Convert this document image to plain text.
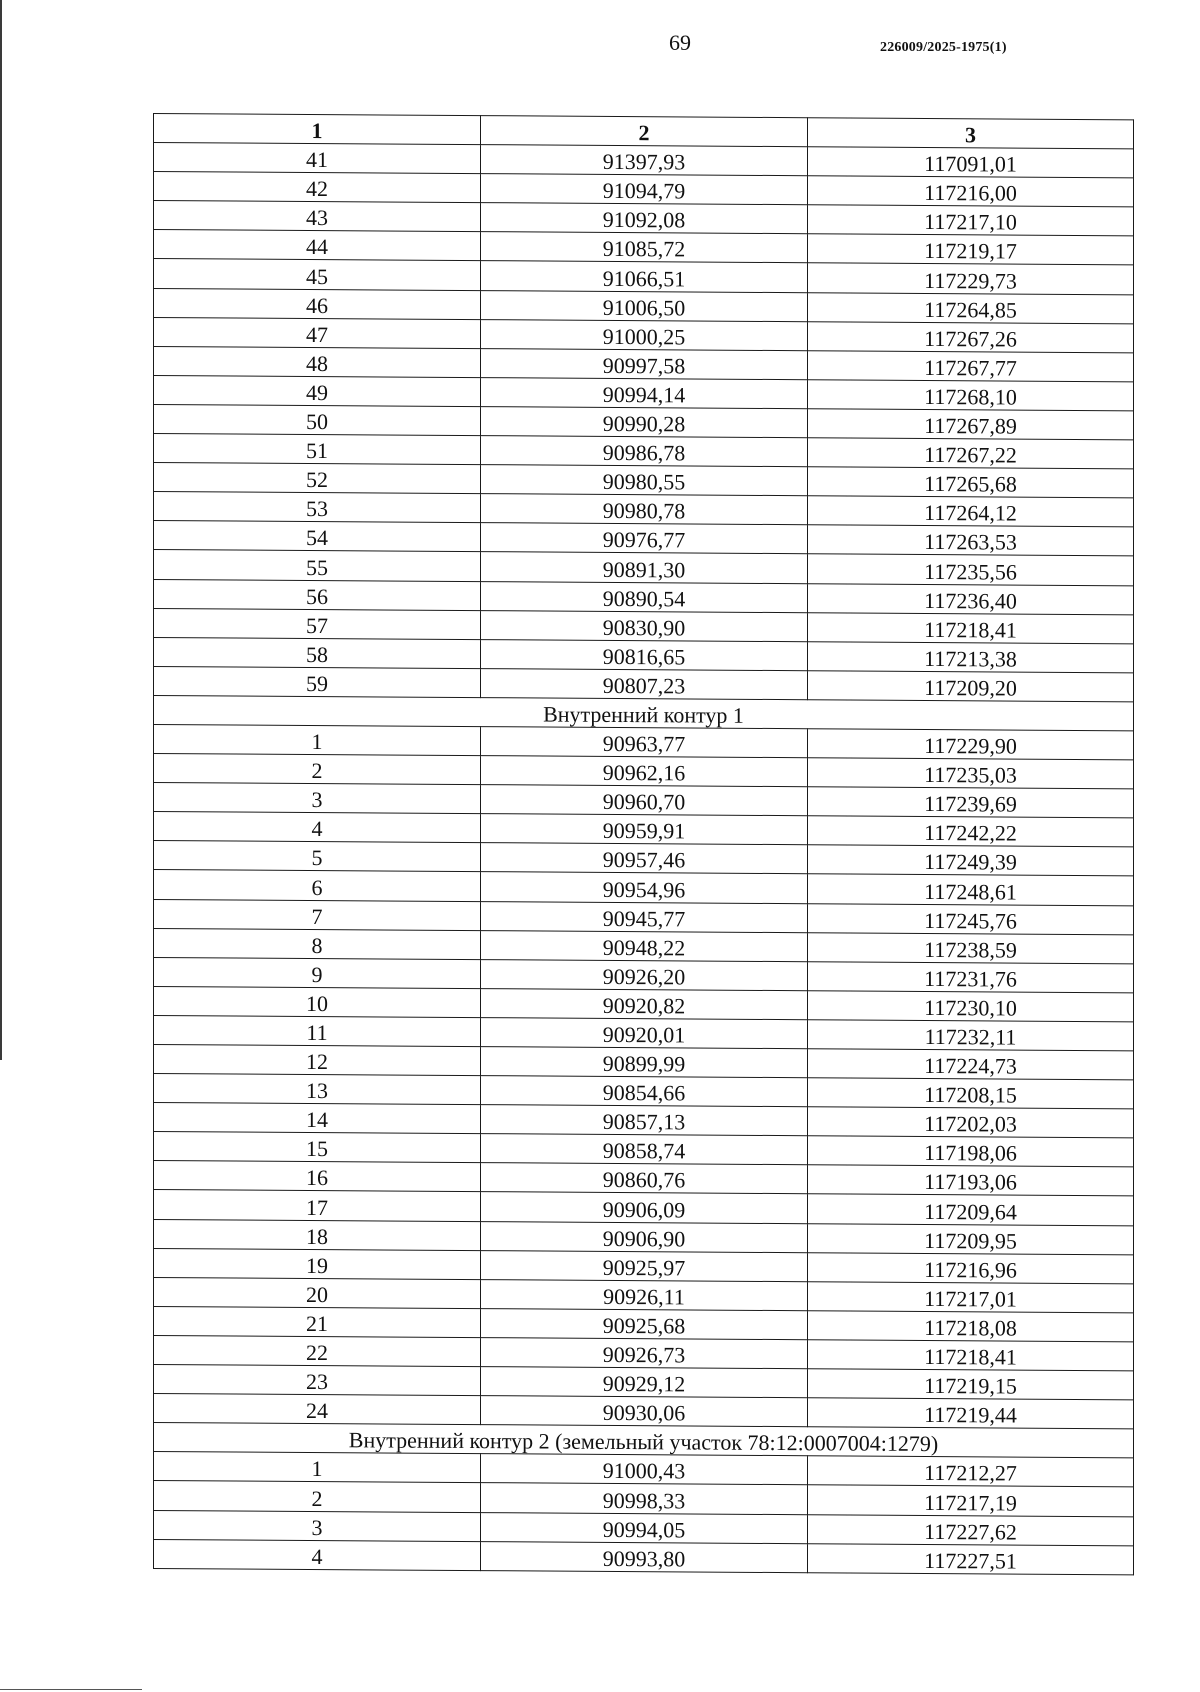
69	226009/2025-1975(1)
1	2	3
41	91397,93	117091,01
42	91094,79	117216,00
43	91092,08	117217,10
44	91085,72	117219,17
45	91066,51	117229,73
46	91006,50	117264,85
47	91000,25	117267,26
48	90997,58	117267,77
49	90994,14	117268,10
50	90990,28	117267,89
51	90986,78	117267,22
52	90980,55	117265,68
53	90980,78	117264,12
54	90976,77	117263,53
55	90891,30	117235,56
56	90890,54	117236,40
57	90830,90	117218,41
58	90816,65	117213,38
59	90807,23	117209,20
Внутренний контур 1		
1	90963,77	117229,90
2	90962,16	117235,03
3	90960,70	117239,69
4	90959,91	117242,22
5	90957,46	117249,39
6	90954,96	117248,61
7	90945,77	117245,76
8	90948,22	117238,59
9	90926,20	117231,76
10	90920,82	117230,10
11	90920,01	117232,11
12	90899,99	117224,73
13	90854,66	117208,15
14	90857,13	117202,03
15	90858,74	117198,06
16	90860,76	117193,06
17	90906,09	117209,64
18	90906,90	117209,95
19	90925,97	117216,96
20	90926,11	117217,01
21	90925,68	117218,08
22	90926,73	117218,41
23	90929,12	117219,15
24	90930,06	117219,44
Внутренний контур 2 (земельный участок 78:12:0007004:1279)		
1	91000,43	117212,27
2	90998,33	117217,19
3	90994,05	117227,62
4	90993,80	117227,51
